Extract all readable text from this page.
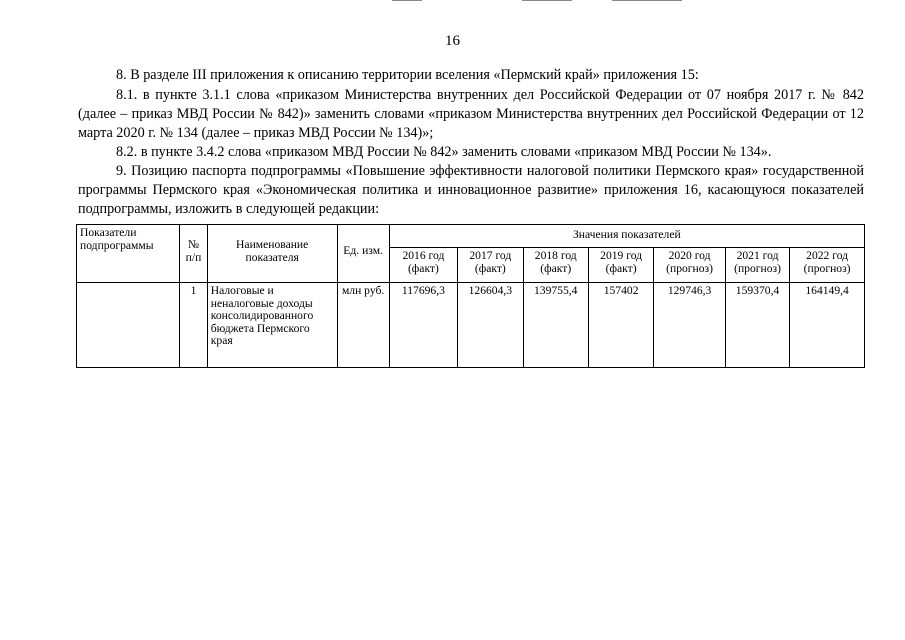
16
8. В разделе III приложения к описанию территории вселения «Пермский край» приложения 15:
8.1. в пункте 3.1.1 слова «приказом Министерства внутренних дел Российской Федерации от 07 ноября 2017 г. № 842 (далее – приказ МВД России № 842)» заменить словами «приказом Министерства внутренних дел Российской Федерации от 12 марта 2020 г. № 134 (далее – приказ МВД России № 134)»;
8.2. в пункте 3.4.2 слова «приказом МВД России № 842» заменить словами «приказом МВД России № 134».
9. Позицию паспорта подпрограммы «Повышение эффективности налоговой политики Пермского края» государственной программы Пермского края «Экономическая политика и инновационное развитие» приложения 16, касающуюся показателей подпрограммы, изложить в следующей редакции:
Показатели подпрограммы	№ п/п	Наименование показателя	Ед. изм.	Значения показателей						
				2016 год (факт)	2017 год (факт)	2018 год (факт)	2019 год (факт)	2020 год (прогноз)	2021 год (прогноз)	2022 год (прогноз)
	1	Налоговые и неналоговые доходы консолидированного бюджета Пермского края	млн руб.	117696,3	126604,3	139755,4	157402	129746,3	159370,4	164149,4
